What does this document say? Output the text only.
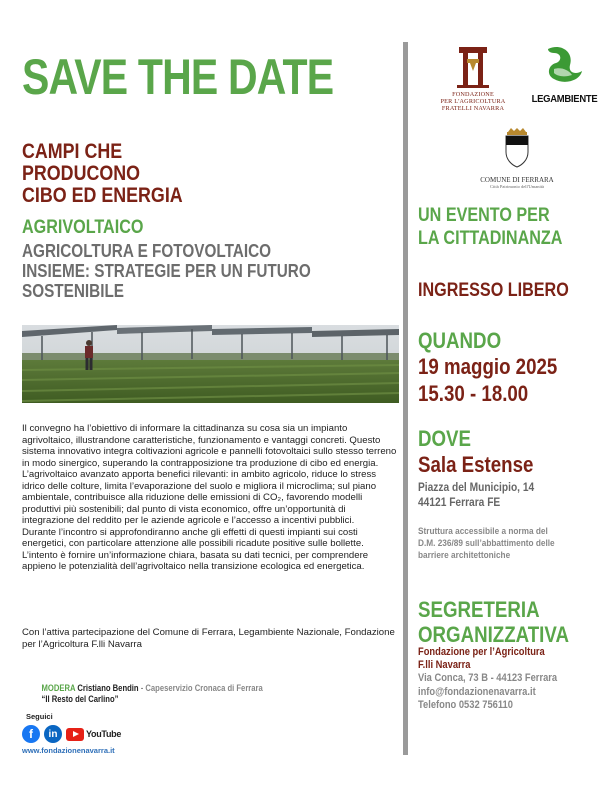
SAVE THE DATE
CAMPI CHE
PRODUCONO
CIBO ED ENERGIA
AGRIVOLTAICO
AGRICOLTURA E FOTOVOLTAICO
INSIEME: STRATEGIE PER UN FUTURO
SOSTENIBILE

Il convegno ha l’obiettivo di informare la cittadinanza su cosa sia un impianto agrivoltaico, illustrandone caratteristiche, funzionamento e vantaggi concreti. Questo sistema innovativo integra coltivazioni agricole e pannelli fotovoltaici sullo stesso terreno in modo sinergico, superando la contrapposizione tra produzione di cibo ed energia. L’agrivoltaico avanzato apporta benefici rilevanti: in ambito agricolo, riduce lo stress idrico delle colture, limita l’evaporazione del suolo e migliora il microclima; sul piano ambientale, contribuisce alla riduzione delle emissioni di CO₂, favorendo modelli produttivi più sostenibili; dal punto di vista economico, offre un’opportunità di integrazione del reddito per le aziende agricole e l’accesso a incentivi pubblici.

Durante l’incontro si approfondiranno anche gli effetti di questi impianti sui costi energetici, con particolare attenzione alle possibili ricadute positive sulle bollette.

L’intento è fornire un’informazione chiara, basata su dati tecnici, per comprendere appieno le potenzialità dell’agrivoltaico nella transizione ecologica ed energetica.

Con l’attiva partecipazione del Comune di Ferrara, Legambiente Nazionale, Fondazione per l’Agricoltura F.lli Navarra

MODERA Cristiano Bendin - Capeservizio Cronaca di Ferrara
“Il Resto del Carlino”
Seguici
f	in	YouTube
www.fondazionenavarra.it
FONDAZIONE
PER L'AGRICOLTURA
FRATELLI NAVARRA
LEGAMBIENTE
COMUNE DI FERRARA
Città Patrimonio dell'Umanità
UN EVENTO PER
LA CITTADINANZA
INGRESSO LIBERO
QUANDO
19 maggio 2025
15.30 - 18.00
DOVE
Sala Estense
Piazza del Municipio, 14
44121 Ferrara FE
Struttura accessibile a norma del
D.M. 236/89 sull’abbattimento delle
barriere architettoniche
SEGRETERIA
ORGANIZZATIVA
Fondazione per l’Agricoltura
F.lli Navarra
Via Conca, 73 B - 44123 Ferrara
info@fondazionenavarra.it
Telefono 0532 756110
